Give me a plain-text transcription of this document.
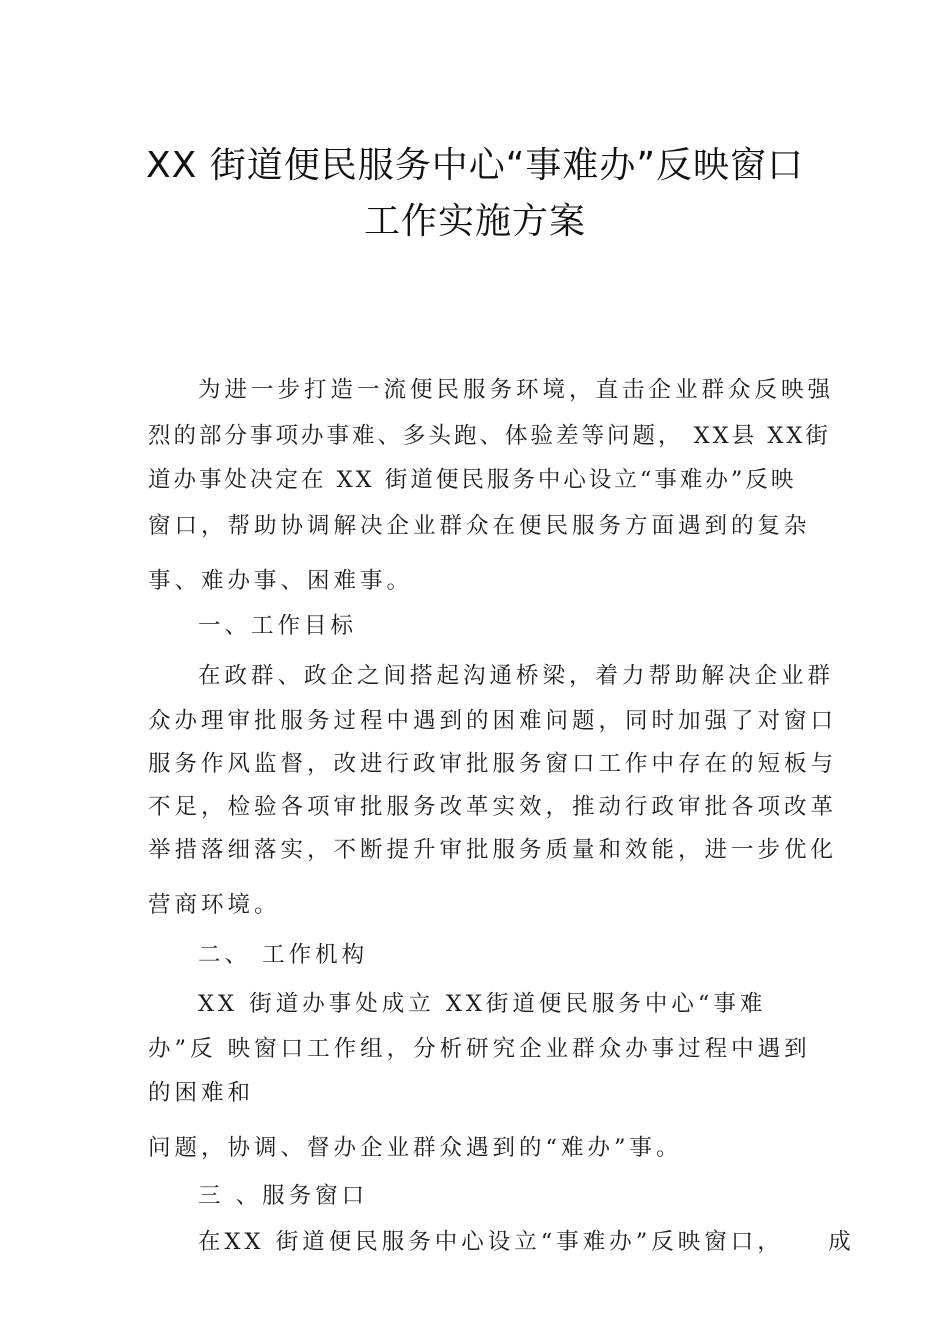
XX 街道便民服务中心“事难办”反映窗口
工作实施方案
为进一步打造一流便民服务环境，直击企业群众反映强
烈的部分事项办事难、多头跑、体验差等问题， XX县 XX街
道办事处决定在 XX 街道便民服务中心设立“事难办”反映
窗口，帮助协调解决企业群众在便民服务方面遇到的复杂
事、难办事、困难事。
一、工作目标
在政群、政企之间搭起沟通桥梁，着力帮助解决企业群
众办理审批服务过程中遇到的困难问题，同时加强了对窗口
服务作风监督，改进行政审批服务窗口工作中存在的短板与
不足，检验各项审批服务改革实效，推动行政审批各项改革
举措落细落实，不断提升审批服务质量和效能，进一步优化
营商环境。
二、 工作机构
XX 街道办事处成立 XX街道便民服务中心“事难
办”反 映窗口工作组，分析研究企业群众办事过程中遇到
的困难和
问题，协调、督办企业群众遇到的“难办”事。
三 、服务窗口
在XX 街道便民服务中心设立“事难办”反映窗口，    成
